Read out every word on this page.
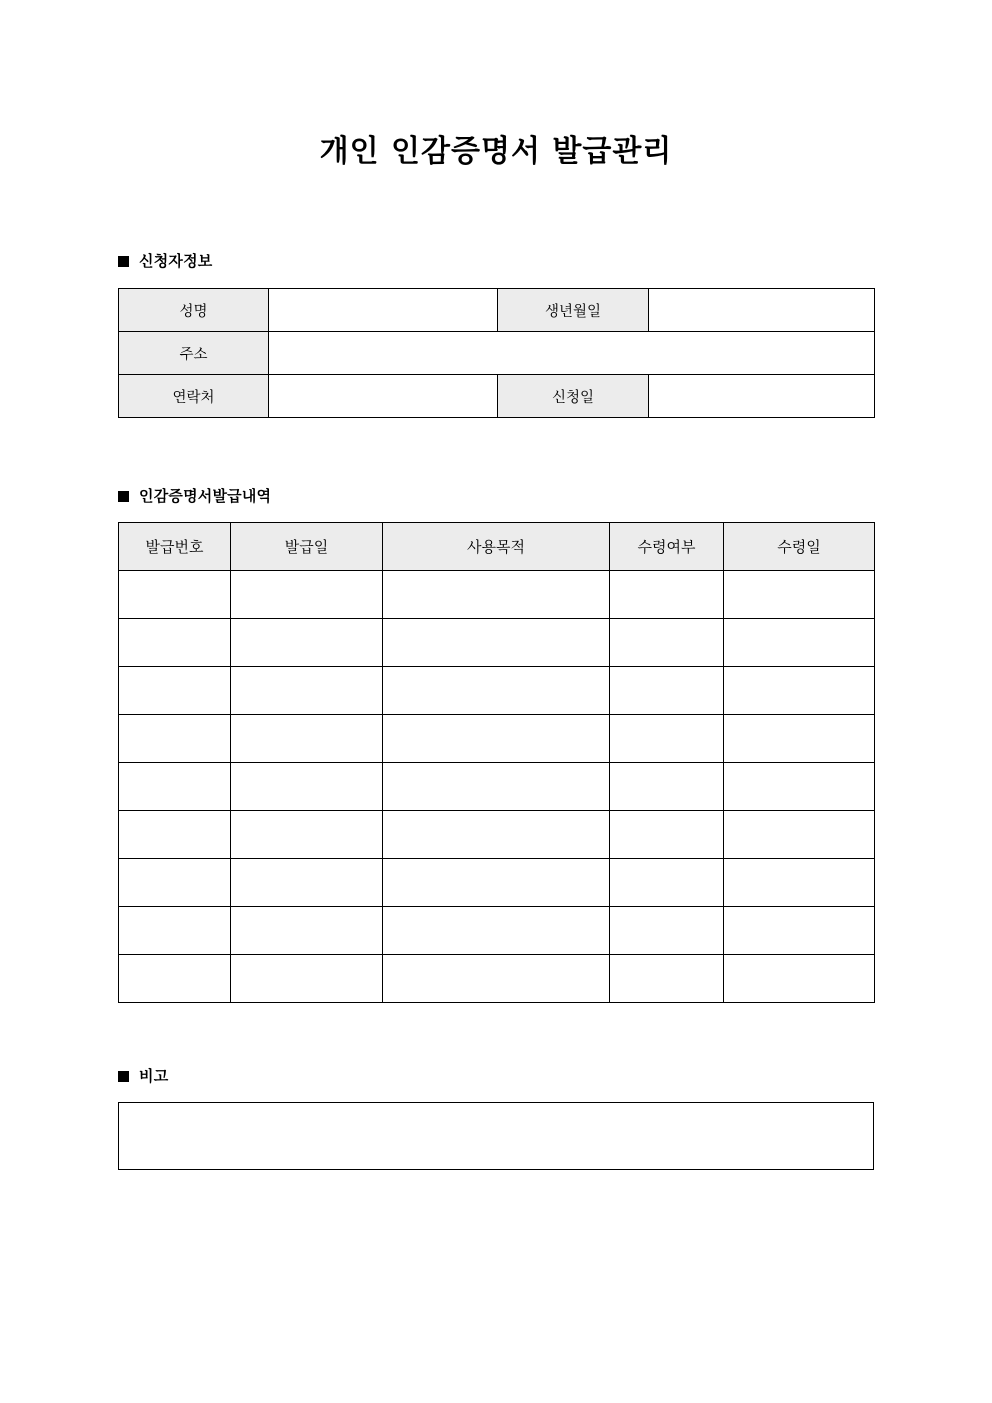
개인 인감증명서 발급관리
신청자정보
성명		생년월일	
주소			
연락처		신청일	
인감증명서발급내역
발급번호	발급일	사용목적	수령여부	수령일

비고
